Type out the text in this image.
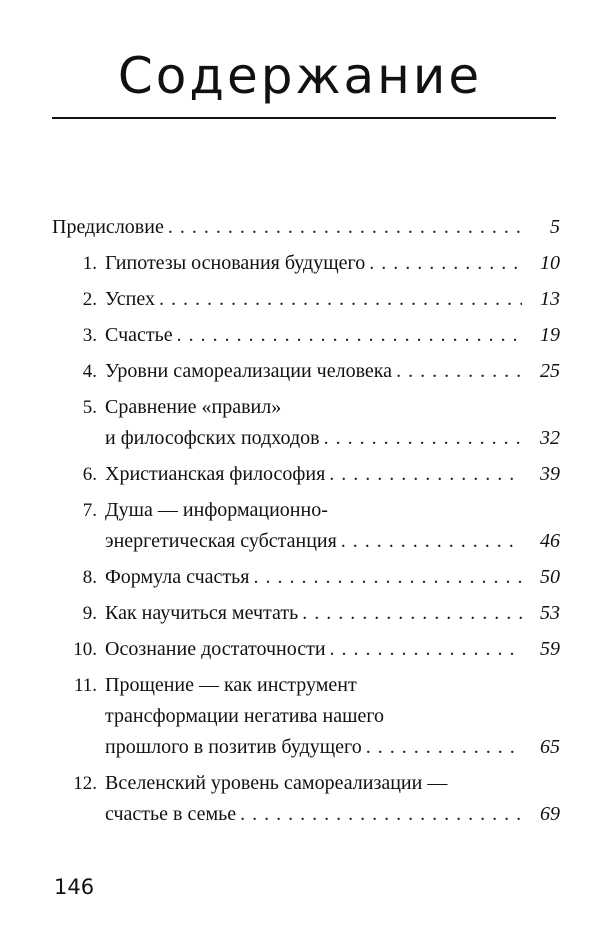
Содержание
Предисловие . . .	5
1. Гипотезы основания будущего . . .	10
2. Успех . . .	13
3. Счастье . . .	19
4. Уровни самореализации человека . . .	25
5. Сравнение «правил»
и философских подходов . . .	32
6. Христианская философия . . .	39
7. Душа — информационно-
энергетическая субстанция . . .	46
8. Формула счастья . . .	50
9. Как научиться мечтать . . .	53
10. Осознание достаточности . . .	59
11. Прощение — как инструмент
трансформации негатива нашего
прошлого в позитив будущего . . .	65
12. Вселенский уровень самореализации —
счастье в семье . . .	69
146
